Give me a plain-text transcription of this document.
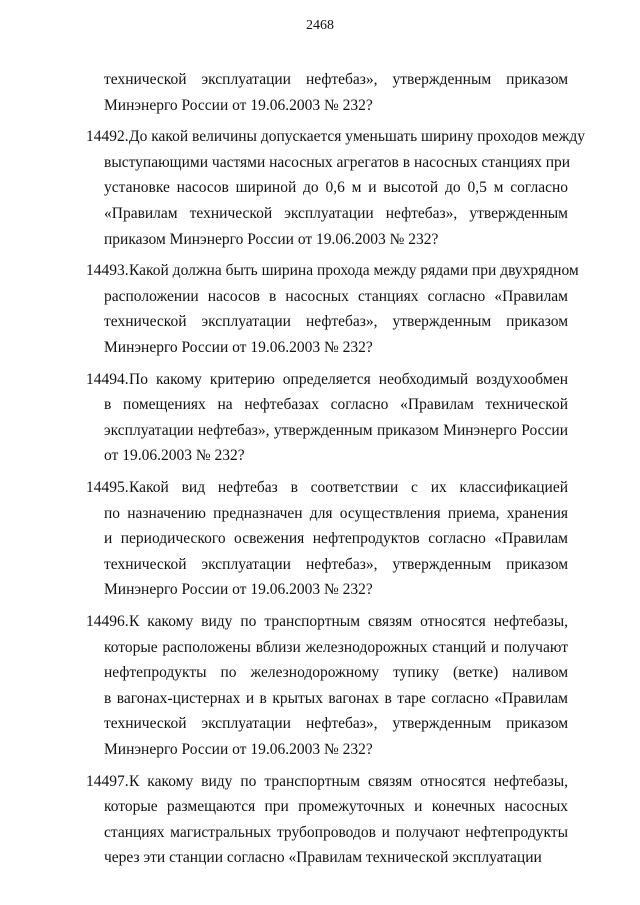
2468
технической эксплуатации нефтебаз», утвержденным приказом
Минэнерго России от 19.06.2003 № 232?
14492. До какой величины допускается уменьшать ширину проходов между
выступающими частями насосных агрегатов в насосных станциях при
установке насосов шириной до 0,6 м и высотой до 0,5 м согласно
«Правилам технической эксплуатации нефтебаз», утвержденным
приказом Минэнерго России от 19.06.2003 № 232?
14493. Какой должна быть ширина прохода между рядами при двухрядном
расположении насосов в насосных станциях согласно «Правилам
технической эксплуатации нефтебаз», утвержденным приказом
Минэнерго России от 19.06.2003 № 232?
14494. По какому критерию определяется необходимый воздухообмен
в помещениях на нефтебазах согласно «Правилам технической
эксплуатации нефтебаз», утвержденным приказом Минэнерго России
от 19.06.2003 № 232?
14495. Какой вид нефтебаз в соответствии с их классификацией
по назначению предназначен для осуществления приема, хранения
и периодического освежения нефтепродуктов согласно «Правилам
технической эксплуатации нефтебаз», утвержденным приказом
Минэнерго России от 19.06.2003 № 232?
14496. К какому виду по транспортным связям относятся нефтебазы,
которые расположены вблизи железнодорожных станций и получают
нефтепродукты по железнодорожному тупику (ветке) наливом
в вагонах-цистернах и в крытых вагонах в таре согласно «Правилам
технической эксплуатации нефтебаз», утвержденным приказом
Минэнерго России от 19.06.2003 № 232?
14497. К какому виду по транспортным связям относятся нефтебазы,
которые размещаются при промежуточных и конечных насосных
станциях магистральных трубопроводов и получают нефтепродукты
через эти станции согласно «Правилам технической эксплуатации
